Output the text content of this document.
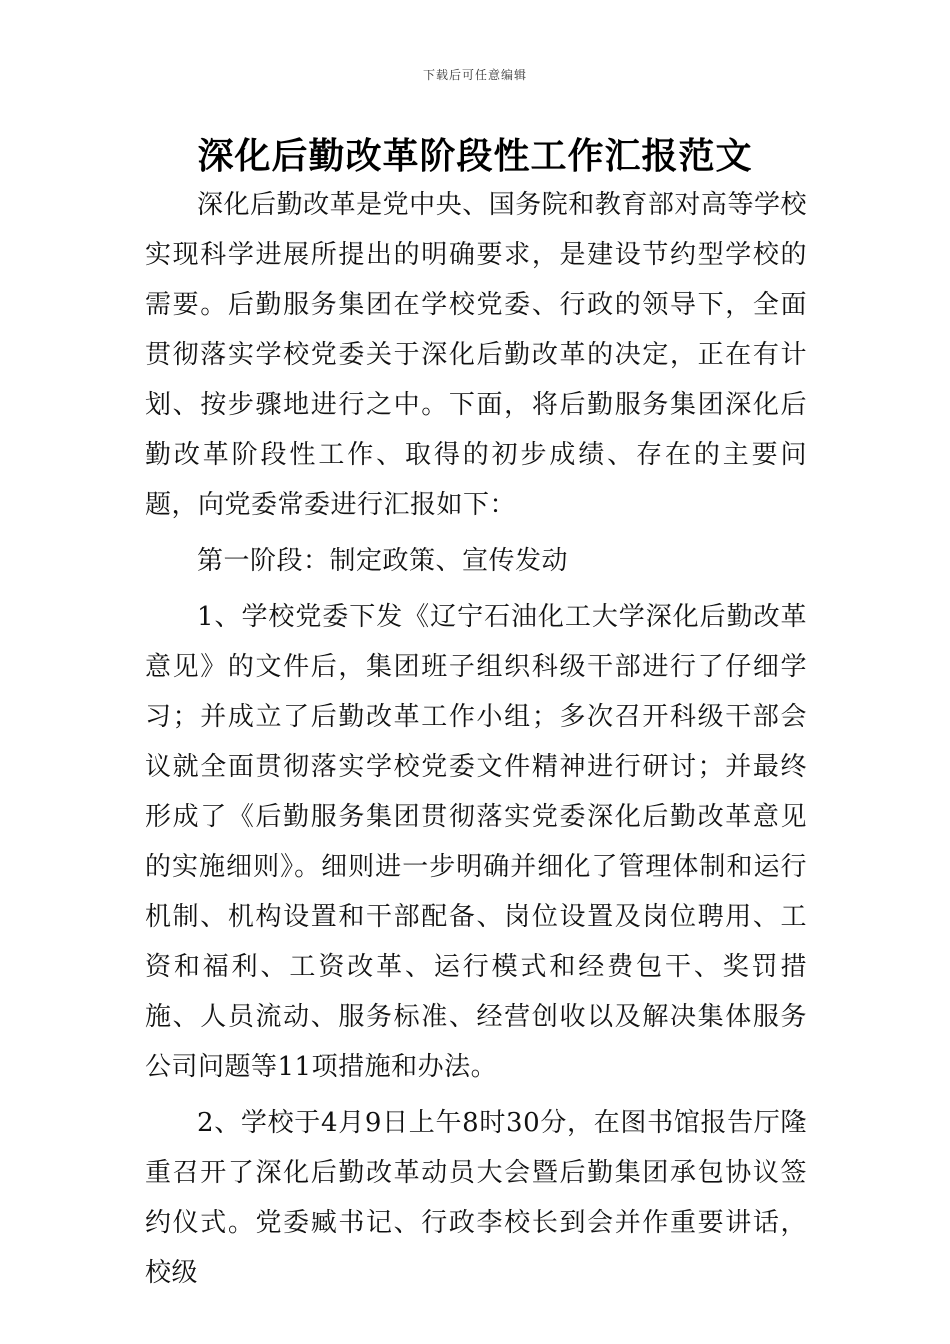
下载后可任意编辑
深化后勤改革阶段性工作汇报范文

深化后勤改革是党中央、国务院和教育部对高等学校实现科学进展所提出的明确要求，是建设节约型学校的需要。后勤服务集团在学校党委、行政的领导下，全面贯彻落实学校党委关于深化后勤改革的决定，正在有计划、按步骤地进行之中。下面，将后勤服务集团深化后勤改革阶段性工作、取得的初步成绩、存在的主要问题，向党委常委进行汇报如下：

第一阶段：制定政策、宣传发动

1、学校党委下发《辽宁石油化工大学深化后勤改革意见》的文件后，集团班子组织科级干部进行了仔细学习；并成立了后勤改革工作小组；多次召开科级干部会议就全面贯彻落实学校党委文件精神进行研讨；并最终形成了《后勤服务集团贯彻落实党委深化后勤改革意见的实施细则》。细则进一步明确并细化了管理体制和运行机制、机构设置和干部配备、岗位设置及岗位聘用、工资和福利、工资改革、运行模式和经费包干、奖罚措施、人员流动、服务标准、经营创收以及解决集体服务公司问题等11项措施和办法。

2、学校于4月9日上午8时30分，在图书馆报告厅隆重召开了深化后勤改革动员大会暨后勤集团承包协议签约仪式。党委臧书记、行政李校长到会并作重要讲话，校级
